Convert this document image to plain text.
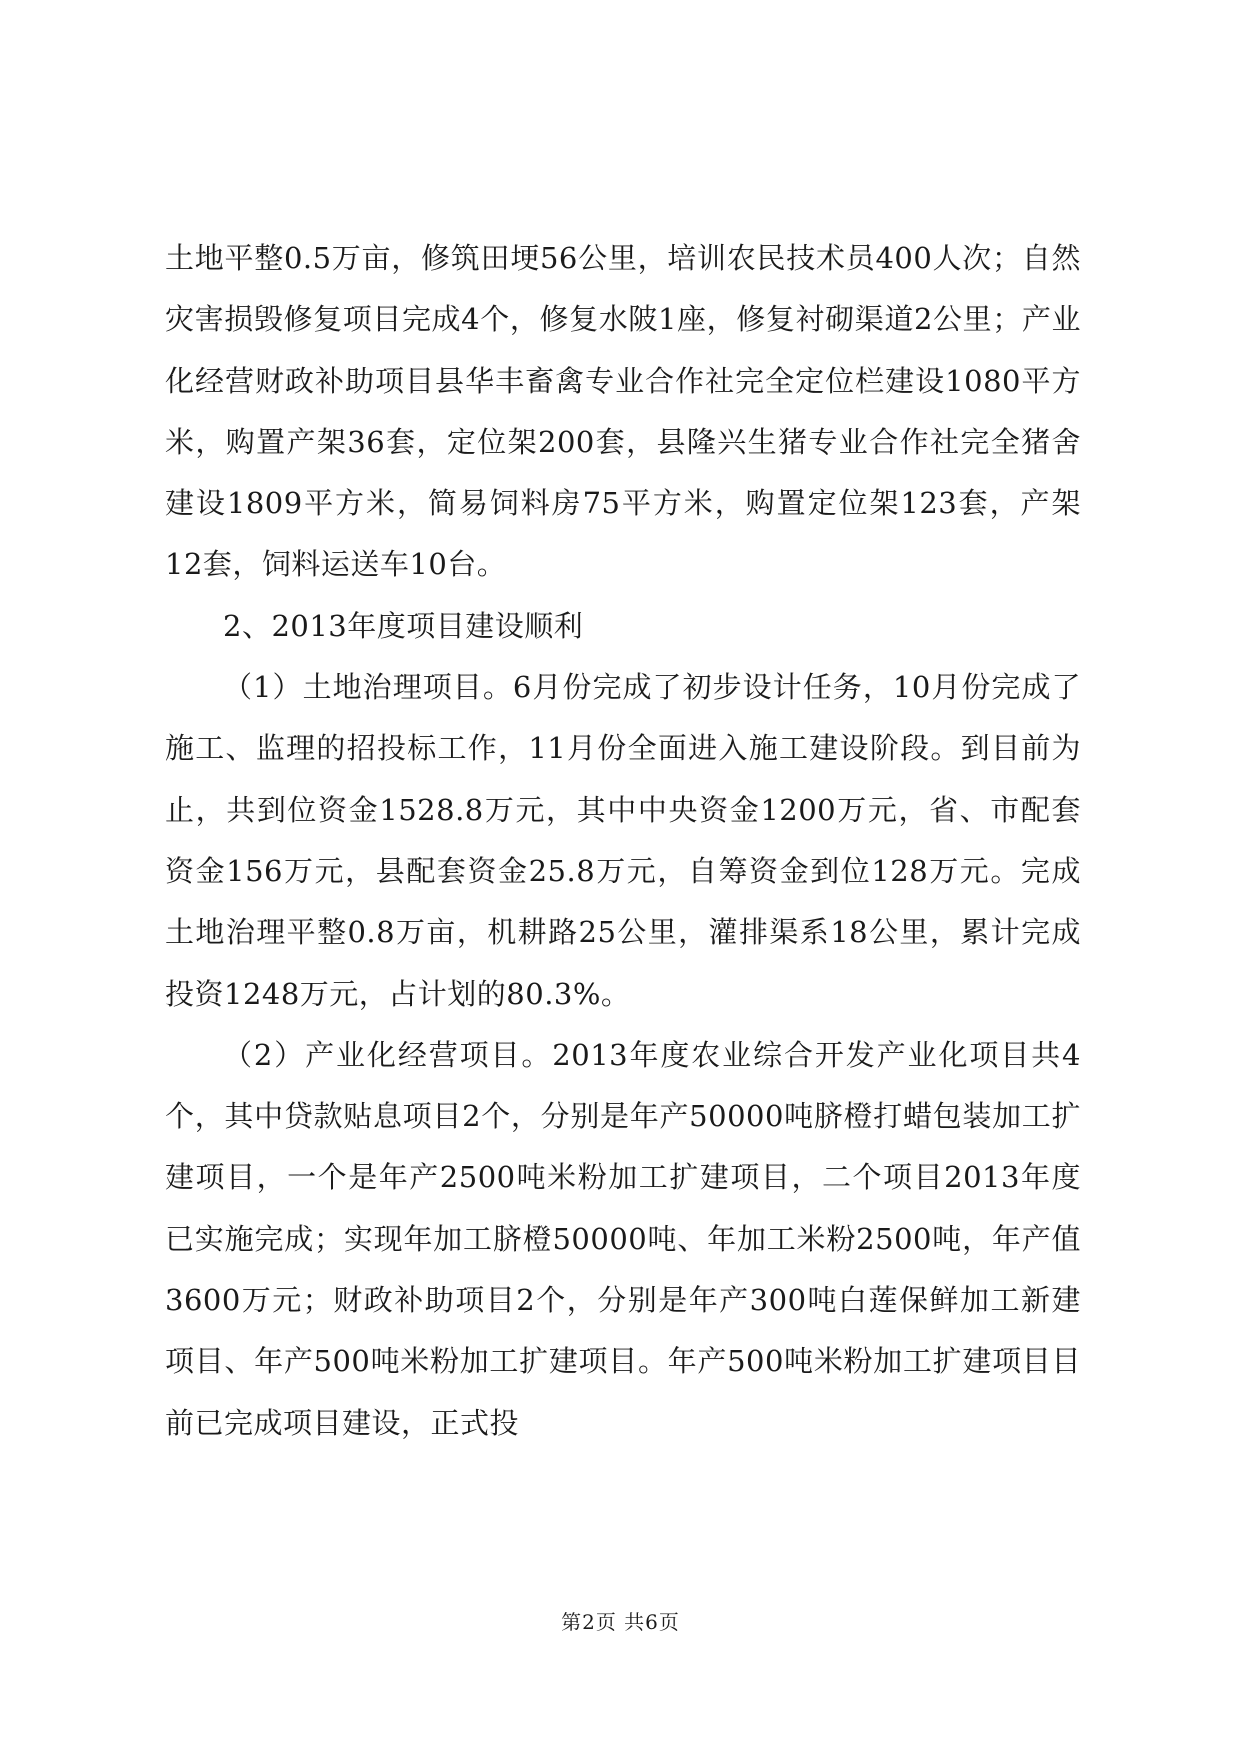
土地平整0.5万亩，修筑田埂56公里，培训农民技术员400人次；自然灾害损毁修复项目完成4个，修复水陂1座，修复衬砌渠道2公里；产业化经营财政补助项目县华丰畜禽专业合作社完全定位栏建设1080平方米，购置产架36套，定位架200套，县隆兴生猪专业合作社完全猪舍建设1809平方米，简易饲料房75平方米，购置定位架123套，产架12套，饲料运送车10台。

2、2013年度项目建设顺利

（1）土地治理项目。6月份完成了初步设计任务，10月份完成了施工、监理的招投标工作，11月份全面进入施工建设阶段。到目前为止，共到位资金1528.8万元，其中中央资金1200万元，省、市配套资金156万元，县配套资金25.8万元，自筹资金到位128万元。完成土地治理平整0.8万亩，机耕路25公里，灌排渠系18公里，累计完成投资1248万元，占计划的80.3%。

（2）产业化经营项目。2013年度农业综合开发产业化项目共4个，其中贷款贴息项目2个，分别是年产50000吨脐橙打蜡包装加工扩建项目，一个是年产2500吨米粉加工扩建项目，二个项目2013年度已实施完成；实现年加工脐橙50000吨、年加工米粉2500吨，年产值3600万元；财政补助项目2个，分别是年产300吨白莲保鲜加工新建项目、年产500吨米粉加工扩建项目。年产500吨米粉加工扩建项目目前已完成项目建设，正式投

第2页 共6页
